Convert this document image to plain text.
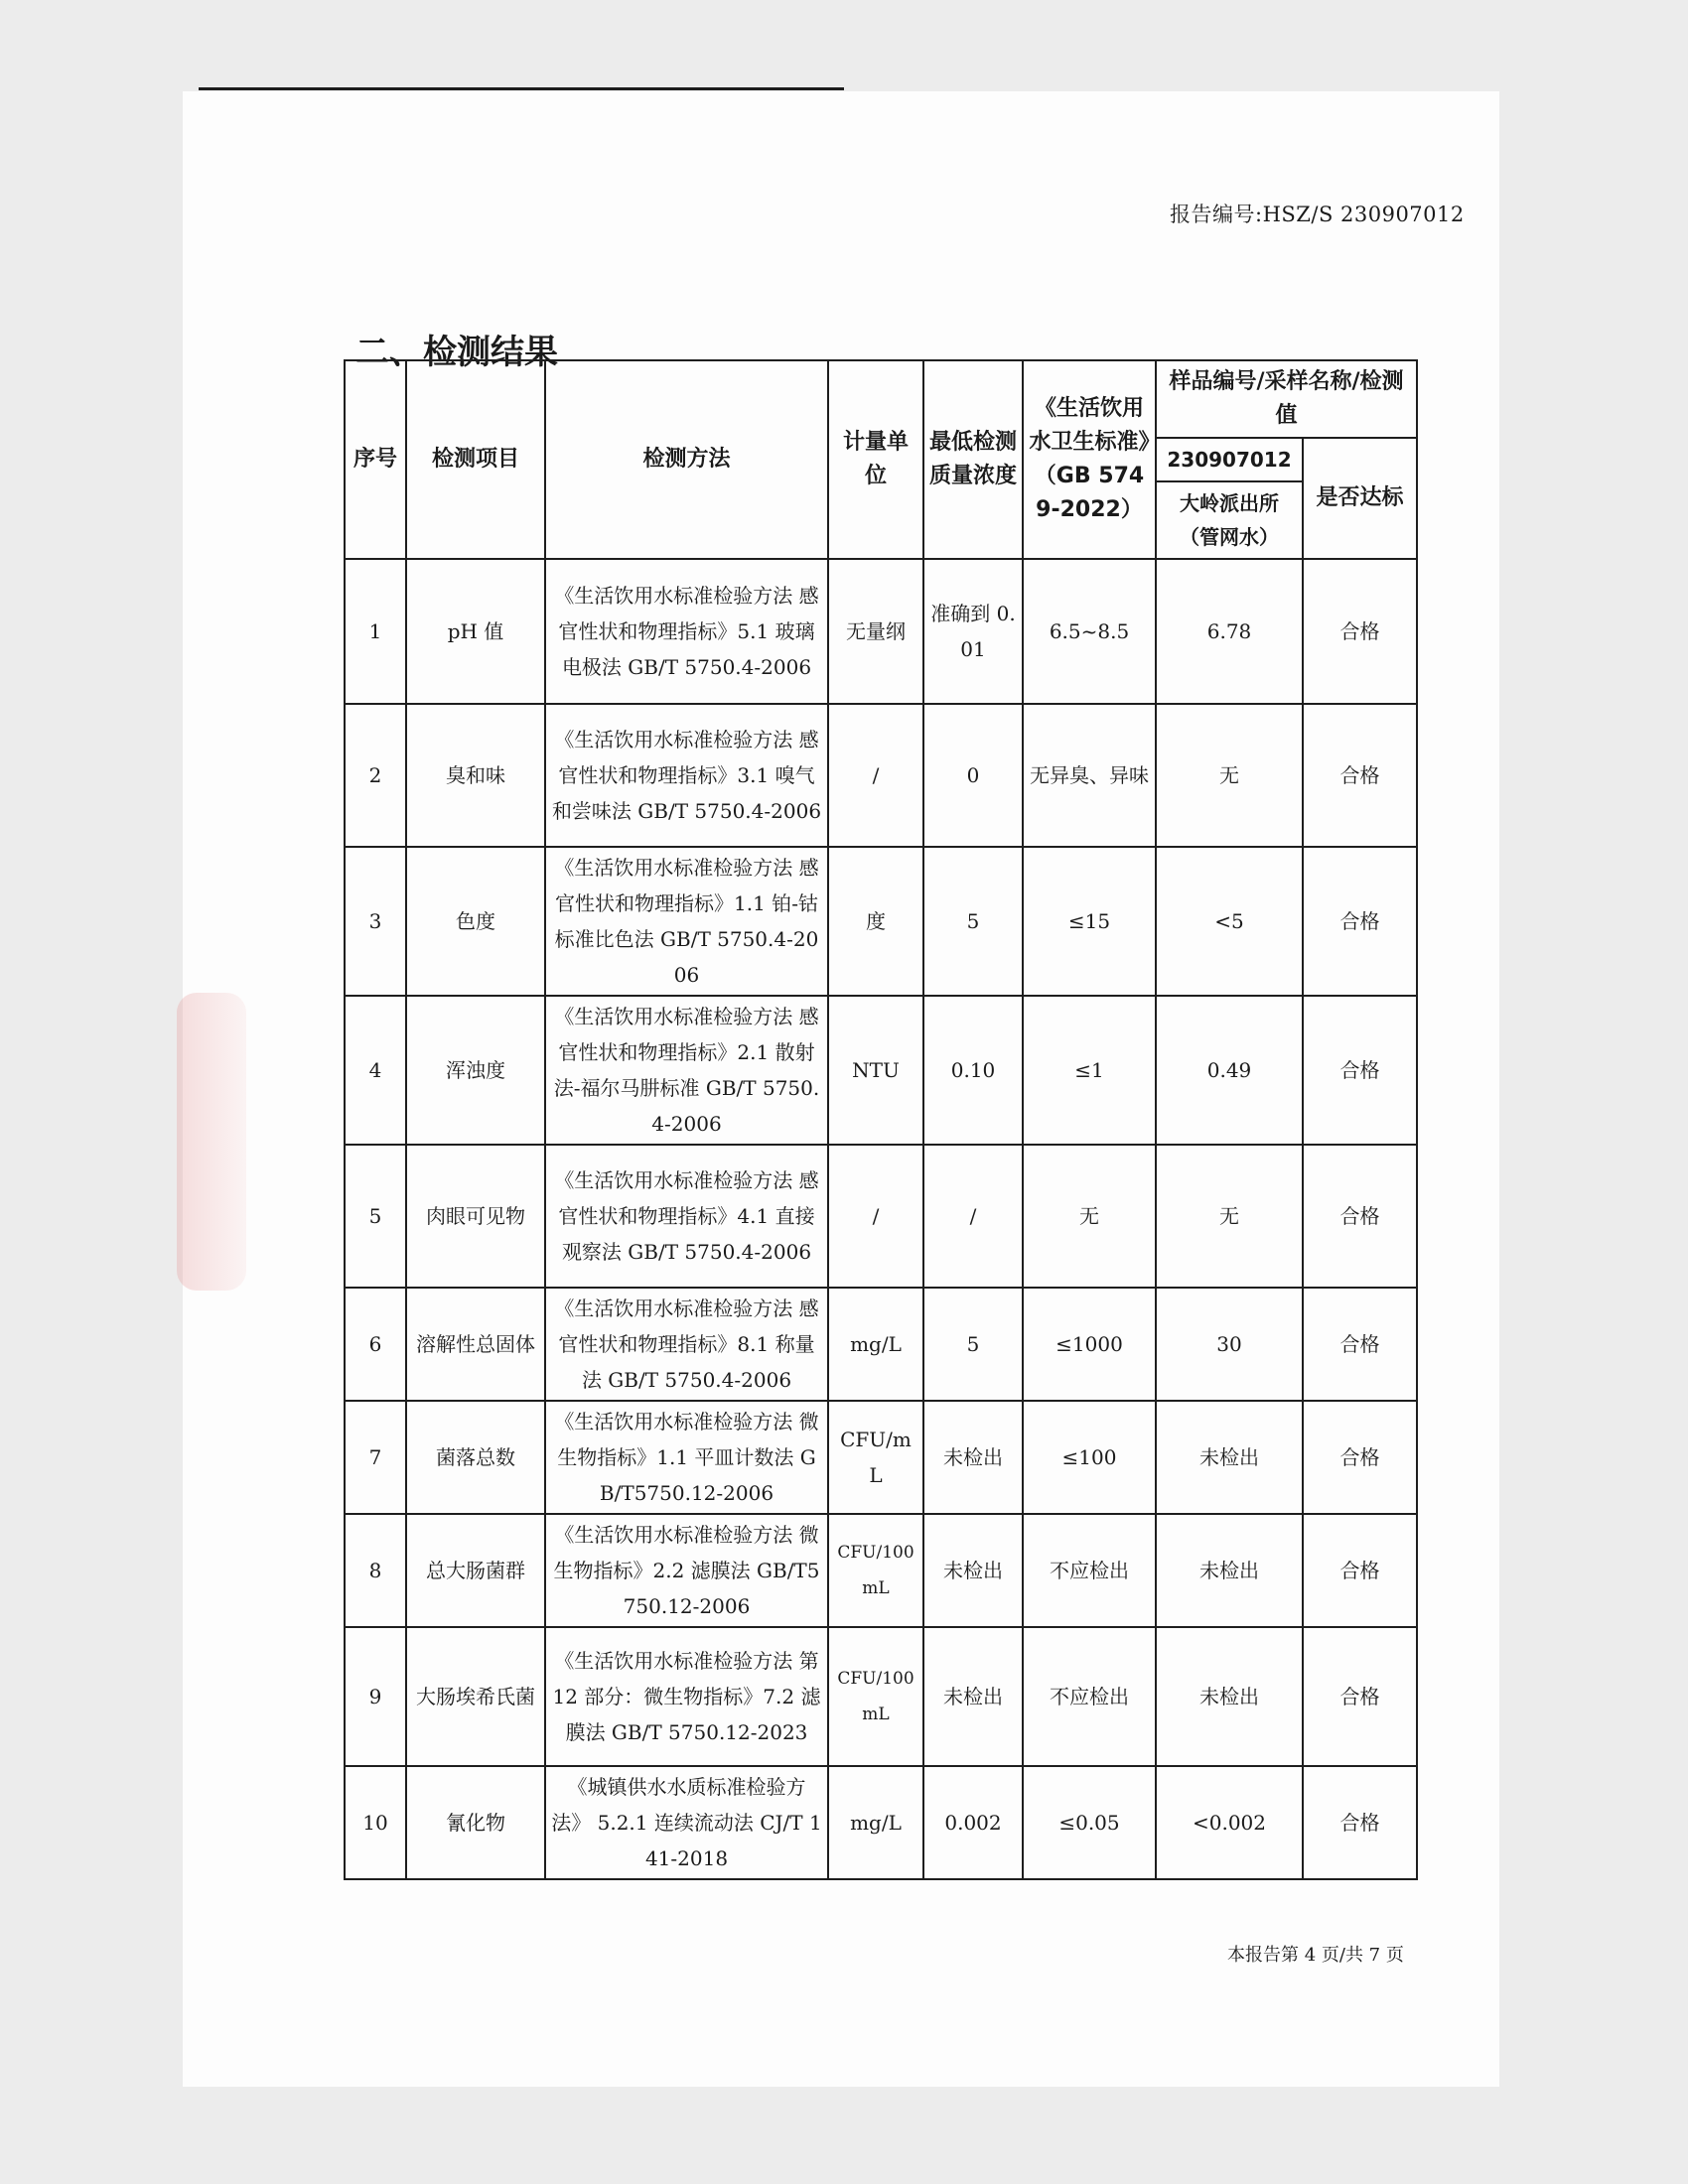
报告编号:HSZ/S 230907012
二、检测结果
序号	检测项目	检测方法	计量单位	最低检测质量浓度	《生活饮用水卫生标准》（GB 5749-2022）	样品编号/采样名称/检测值	
						230907012	是否达标
						大岭派出所（管网水）	
1	pH 值	《生活饮用水标准检验方法 感官性状和物理指标》5.1 玻璃电极法 GB/T 5750.4-2006	无量纲	准确到 0.01	6.5~8.5	6.78	合格
2	臭和味	《生活饮用水标准检验方法 感官性状和物理指标》3.1 嗅气和尝味法 GB/T 5750.4-2006	/	0	无异臭、异味	无	合格
3	色度	《生活饮用水标准检验方法 感官性状和物理指标》1.1 铂-钴标准比色法 GB/T 5750.4-2006	度	5	≤15	<5	合格
4	浑浊度	《生活饮用水标准检验方法 感官性状和物理指标》2.1 散射法-福尔马肼标准 GB/T 5750.4-2006	NTU	0.10	≤1	0.49	合格
5	肉眼可见物	《生活饮用水标准检验方法 感官性状和物理指标》4.1 直接观察法 GB/T 5750.4-2006	/	/	无	无	合格
6	溶解性总固体	《生活饮用水标准检验方法 感官性状和物理指标》8.1 称量法 GB/T 5750.4-2006	mg/L	5	≤1000	30	合格
7	菌落总数	《生活饮用水标准检验方法 微生物指标》1.1 平皿计数法 GB/T5750.12-2006	CFU/mL	未检出	≤100	未检出	合格
8	总大肠菌群	《生活饮用水标准检验方法 微生物指标》2.2 滤膜法 GB/T5750.12-2006	CFU/100mL	未检出	不应检出	未检出	合格
9	大肠埃希氏菌	《生活饮用水标准检验方法 第 12 部分：微生物指标》7.2 滤膜法 GB/T 5750.12-2023	CFU/100mL	未检出	不应检出	未检出	合格
10	氰化物	《城镇供水水质标准检验方法》 5.2.1 连续流动法 CJ/T 141-2018	mg/L	0.002	≤0.05	<0.002	合格
本报告第 4 页/共 7 页
